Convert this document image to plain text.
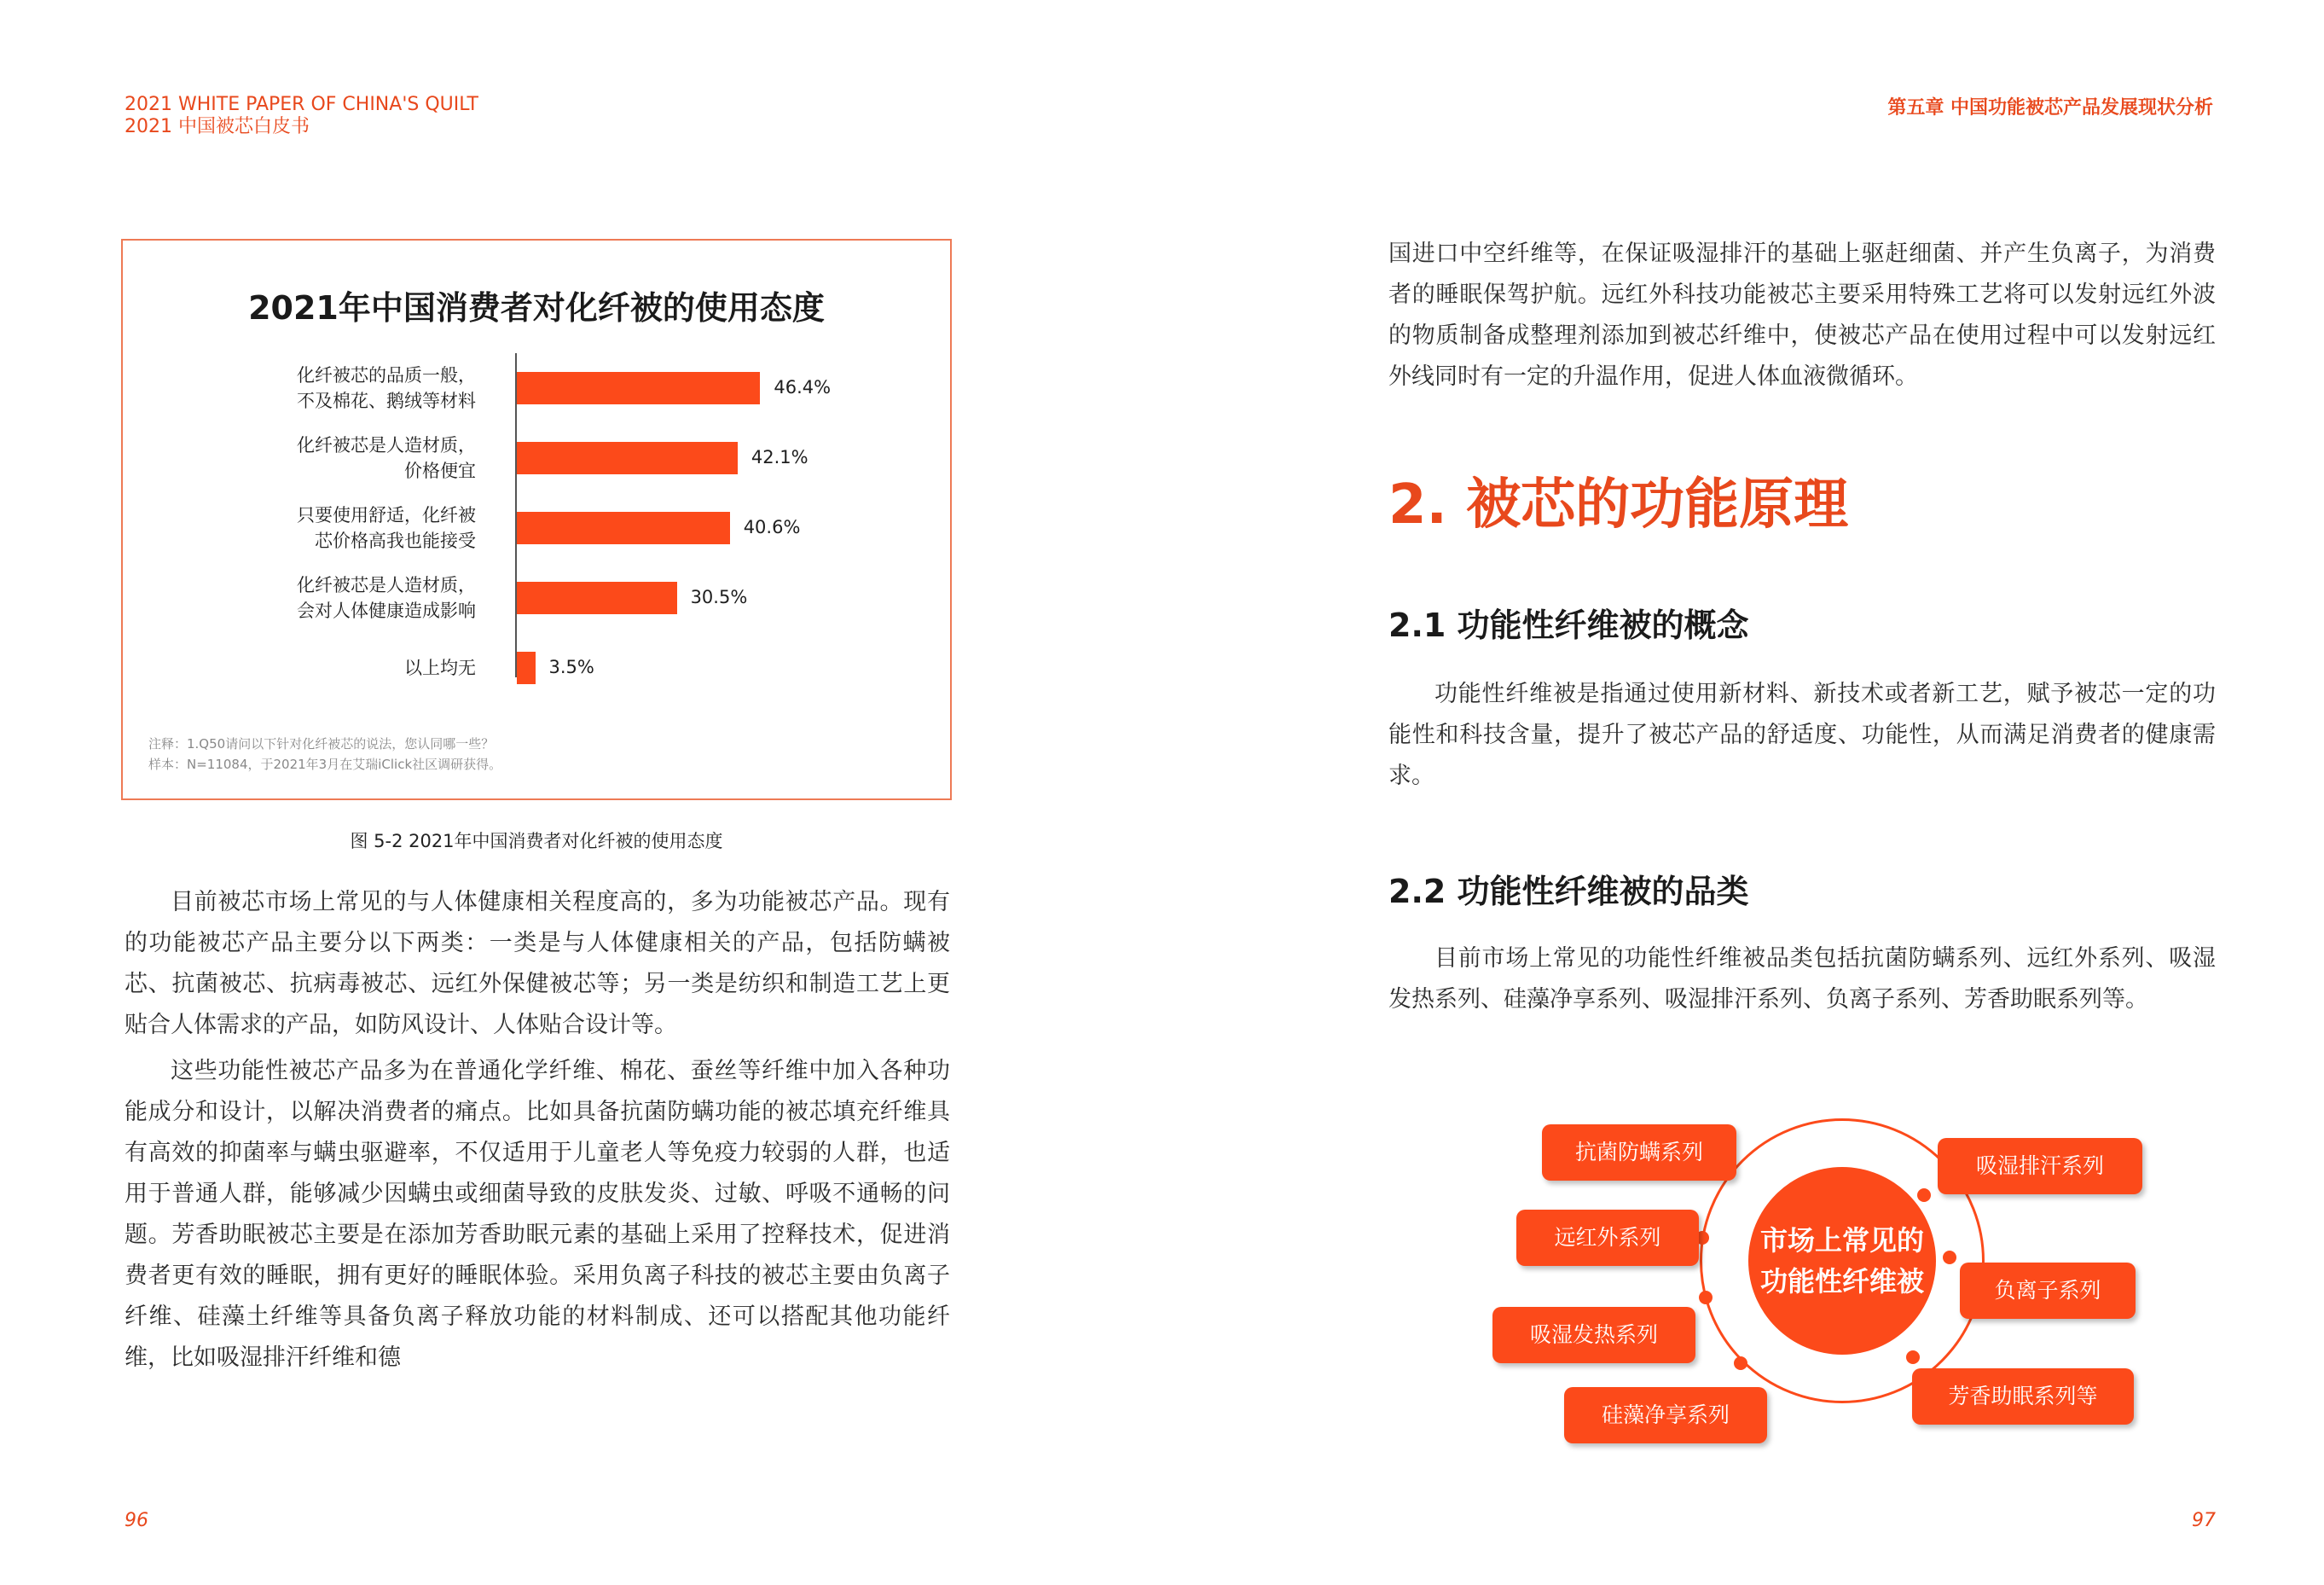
2021 WHITE PAPER OF CHINA'S QUILT
2021 中国被芯白皮书
第五章 中国功能被芯产品发展现状分析
2021年中国消费者对化纤被的使用态度
化纤被芯的品质一般，
不及棉花、鹅绒等材料
46.4%
化纤被芯是人造材质，
价格便宜
42.1%
只要使用舒适，化纤被
芯价格高我也能接受
40.6%
化纤被芯是人造材质，
会对人体健康造成影响
30.5%
以上均无	3.5%
注释：1.Q50请问以下针对化纤被芯的说法，您认同哪一些？
样本：N=11084，于2021年3月在艾瑞iClick社区调研获得。
图 5-2 2021年中国消费者对化纤被的使用态度

目前被芯市场上常见的与人体健康相关程度高的，多为功能被芯产品。现有的功能被芯产品主要分以下两类：一类是与人体健康相关的产品，包括防螨被芯、抗菌被芯、抗病毒被芯、远红外保健被芯等；另一类是纺织和制造工艺上更贴合人体需求的产品，如防风设计、人体贴合设计等。

这些功能性被芯产品多为在普通化学纤维、棉花、蚕丝等纤维中加入各种功能成分和设计，以解决消费者的痛点。比如具备抗菌防螨功能的被芯填充纤维具有高效的抑菌率与螨虫驱避率，不仅适用于儿童老人等免疫力较弱的人群，也适用于普通人群，能够减少因螨虫或细菌导致的皮肤发炎、过敏、呼吸不通畅的问题。芳香助眠被芯主要是在添加芳香助眠元素的基础上采用了控释技术，促进消费者更有效的睡眠，拥有更好的睡眠体验。采用负离子科技的被芯主要由负离子纤维、硅藻土纤维等具备负离子释放功能的材料制成、还可以搭配其他功能纤维，比如吸湿排汗纤维和德

国进口中空纤维等，在保证吸湿排汗的基础上驱赶细菌、并产生负离子，为消费者的睡眠保驾护航。远红外科技功能被芯主要采用特殊工艺将可以发射远红外波的物质制备成整理剂添加到被芯纤维中，使被芯产品在使用过程中可以发射远红外线同时有一定的升温作用，促进人体血液微循环。

2. 被芯的功能原理
2.1 功能性纤维被的概念

功能性纤维被是指通过使用新材料、新技术或者新工艺，赋予被芯一定的功能性和科技含量，提升了被芯产品的舒适度、功能性，从而满足消费者的健康需求。

2.2 功能性纤维被的品类

目前市场上常见的功能性纤维被品类包括抗菌防螨系列、远红外系列、吸湿发热系列、硅藻净享系列、吸湿排汗系列、负离子系列、芳香助眠系列等。

市场上常见的
功能性纤维被
抗菌防螨系列
远红外系列
吸湿发热系列
硅藻净享系列
吸湿排汗系列
负离子系列
芳香助眠系列等
96	97
